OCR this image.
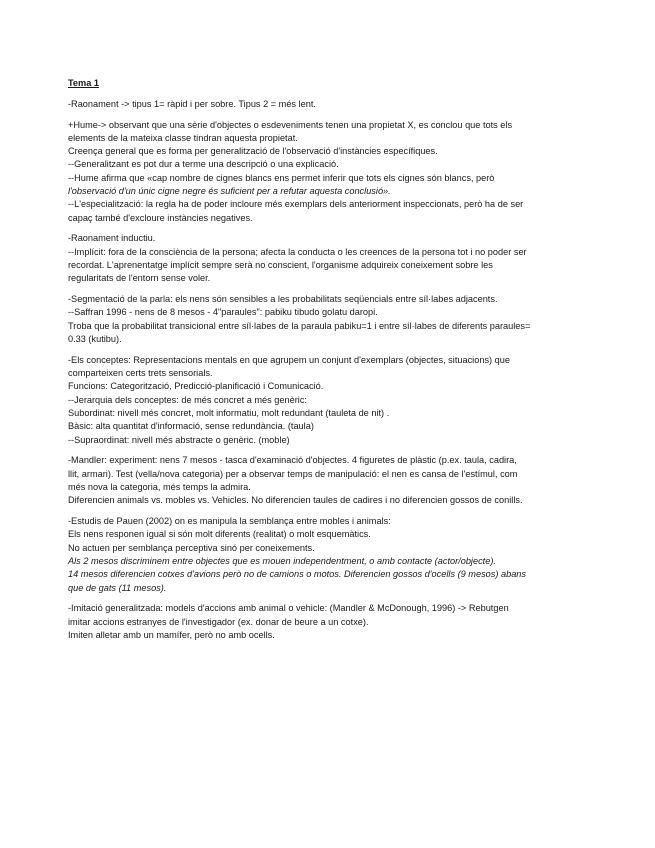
Tema 1

-Raonament -> tipus 1= ràpid i per sobre. Tipus 2 = més lent.

+Hume-> observant que una sèrie d'objectes o esdeveniments tenen una propietat X, es conclou que tots els
elements de la mateixa classe tindran aquesta propietat.
Creença general que es forma per generalització de l'observació d'instàncies específiques.
--Generalitzant es pot dur a terme una descripció o una explicació.
--Hume afirma que «cap nombre de cignes blancs ens permet inferir que tots els cignes són blancs, però
l'observació d'un únic cigne negre és suficient per a refutar aquesta conclusió».
--L'especialització: la regla ha de poder incloure més exemplars dels anteriorment inspeccionats, però ha de ser
capaç també d'excloure instàncies negatives.

-Raonament inductiu.
--Implícit: fora de la consciència de la persona; afecta la conducta o les creences de la persona tot i no poder ser
recordat. L'aprenentatge implícit sempre serà no conscient, l'organisme adquireix coneixement sobre les
regularitats de l'entorn sense voler.

-Segmentació de la parla: els nens són sensibles a les probabilitats seqüencials entre síl·labes adjacents.
--Saffran 1996 - nens de 8 mesos - 4"paraules": pabiku tibudo golatu daropi.
Troba que la probabilitat transicional entre síl·labes de la paraula pabiku=1 i entre síl·labes de diferents paraules=
0.33 (kutibu).

-Els conceptes: Representacions mentals en que agrupem un conjunt d'exemplars (objectes, situacions) que
comparteixen certs trets sensorials.
Funcions: Categorització, Predicció-planificació i Comunicació.
--Jerarquia dels conceptes: de més concret a més genèric:
Subordinat: nivell més concret, molt informatiu, molt redundant (tauleta de nit) .
Bàsic: alta quantitat d'informació, sense redundància. (taula)
--Supraordinat: nivell més abstracte o genèric. (moble)

-Mandler: experiment: nens 7 mesos - tasca d'examinació d'objectes. 4 figuretes de plàstic (p.ex. taula, cadira,
llit, armari). Test (vella/nova categoria) per a observar temps de manipulació: el nen es cansa de l'estímul, com
més nova la categoria, més temps la admira.
Diferencien animals vs. mobles vs. Vehicles. No diferencien taules de cadires i no diferencien gossos de conills.

-Estudis de Pauen (2002) on es manipula la semblança entre mobles i animals:
Els nens responen igual si són molt diferents (realitat) o molt esquemàtics.
No actuen per semblança perceptiva sinó per coneixements.
Als 2 mesos discriminem entre objectes que es mouen independentment, o amb contacte (actor/objecte).
14 mesos diferencien cotxes d'avions però no de camions o motos. Diferencien gossos d'ocells (9 mesos) abans
que de gats (11 mesos).

-Imitació generalitzada: models d'accions amb animal o vehicle: (Mandler & McDonough, 1996) -> Rebutgen
imitar accions estranyes de l'investigador (ex. donar de beure a un cotxe).
Imiten alletar amb un mamífer, però no amb ocells.
